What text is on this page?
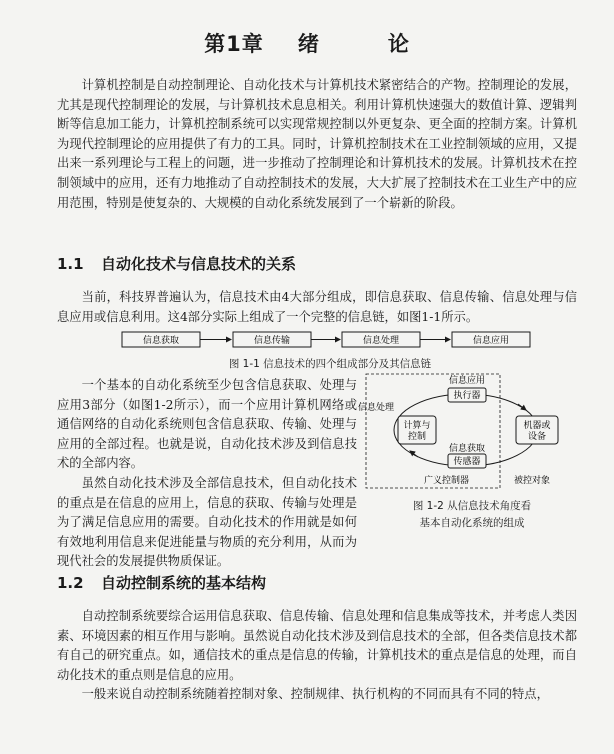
第1章 绪	论

计算机控制是自动控制理论、自动化技术与计算机技术紧密结合的产物。控制理论的发展，尤其是现代控制理论的发展，与计算机技术息息相关。利用计算机快速强大的数值计算、逻辑判断等信息加工能力，计算机控制系统可以实现常规控制以外更复杂、更全面的控制方案。计算机为现代控制理论的应用提供了有力的工具。同时，计算机控制技术在工业控制领域的应用，又提出来一系列理论与工程上的问题，进一步推动了控制理论和计算机技术的发展。计算机技术在控制领域中的应用，还有力地推动了自动控制技术的发展，大大扩展了控制技术在工业生产中的应用范围，特别是使复杂的、大规模的自动化系统发展到了一个崭新的阶段。

1.1 自动化技术与信息技术的关系

当前，科技界普遍认为，信息技术由4大部分组成，即信息获取、信息传输、信息处理与信息应用或信息利用。这4部分实际上组成了一个完整的信息链，如图1-1所示。

信息获取	信息传输	信息处理	信息应用
图 1-1 信息技术的四个组成部分及其信息链

一个基本的自动化系统至少包含信息获取、处理与应用3部分（如图1-2所示），而一个应用计算机网络或通信网络的自动化系统则包含信息获取、传输、处理与应用的全部过程。也就是说，自动化技术涉及到信息技术的全部内容。

虽然自动化技术涉及全部信息技术，但自动化技术的重点是在信息的应用上，信息的获取、传输与处理是为了满足信息应用的需要。自动化技术的作用就是如何有效地利用信息来促进能量与物质的充分利用，从而为现代社会的发展提供物质保证。

执行器
计算与
控制
机器或
设备
传感器
信息应用
信息处理
信息获取
广义控制器	被控对象
图 1-2 从信息技术角度看
基本自动化系统的组成
1.2 自动控制系统的基本结构

自动控制系统要综合运用信息获取、信息传输、信息处理和信息集成等技术，并考虑人类因素、环境因素的相互作用与影响。虽然说自动化技术涉及到信息技术的全部，但各类信息技术都有自己的研究重点。如，通信技术的重点是信息的传输，计算机技术的重点是信息的处理，而自动化技术的重点则是信息的应用。

一般来说自动控制系统随着控制对象、控制规律、执行机构的不同而具有不同的特点，
